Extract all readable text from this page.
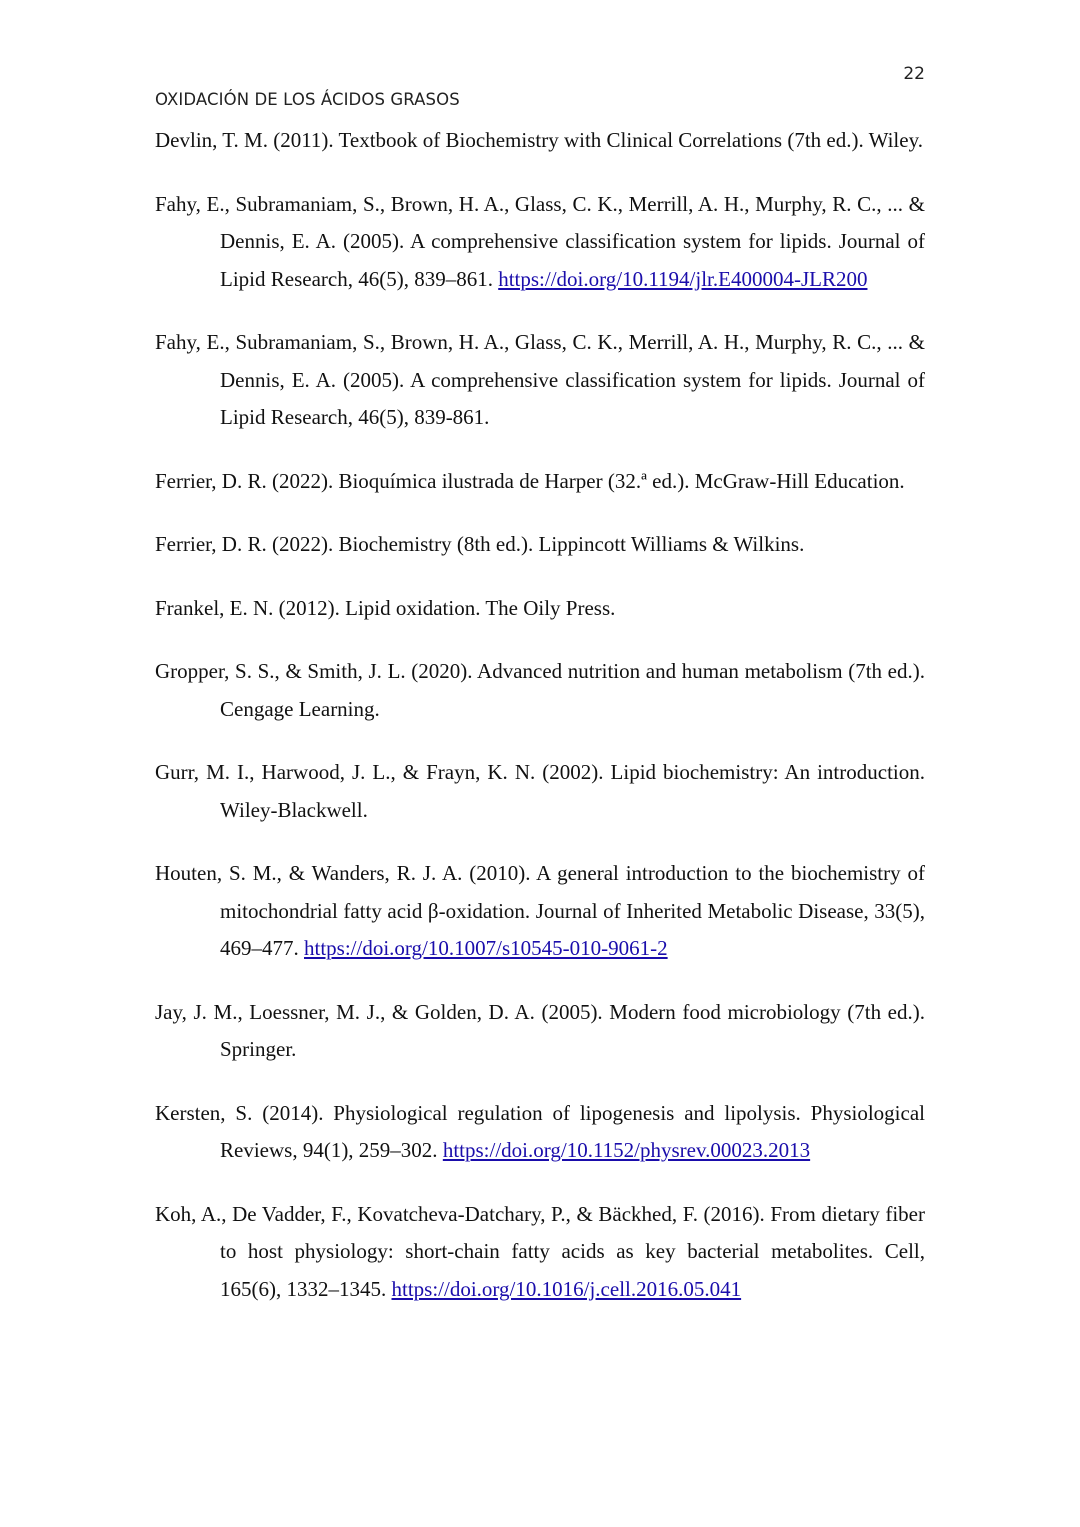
22
OXIDACIÓN DE LOS ÁCIDOS GRASOS

Devlin, T. M. (2011). Textbook of Biochemistry with Clinical Correlations (7th ed.). Wiley.

Fahy, E., Subramaniam, S., Brown, H. A., Glass, C. K., Merrill, A. H., Murphy, R. C., ... & Dennis, E. A. (2005). A comprehensive classification system for lipids. Journal of Lipid Research, 46(5), 839–861. https://doi.org/10.1194/jlr.E400004-JLR200

Fahy, E., Subramaniam, S., Brown, H. A., Glass, C. K., Merrill, A. H., Murphy, R. C., ... & Dennis, E. A. (2005). A comprehensive classification system for lipids. Journal of Lipid Research, 46(5), 839-861.

Ferrier, D. R. (2022). Bioquímica ilustrada de Harper (32.ª ed.). McGraw-Hill Education.

Ferrier, D. R. (2022). Biochemistry (8th ed.). Lippincott Williams & Wilkins.

Frankel, E. N. (2012). Lipid oxidation. The Oily Press.

Gropper, S. S., & Smith, J. L. (2020). Advanced nutrition and human metabolism (7th ed.). Cengage Learning.

Gurr, M. I., Harwood, J. L., & Frayn, K. N. (2002). Lipid biochemistry: An introduction. Wiley-Blackwell.

Houten, S. M., & Wanders, R. J. A. (2010). A general introduction to the biochemistry of mitochondrial fatty acid β-oxidation. Journal of Inherited Metabolic Disease, 33(5), 469–477. https://doi.org/10.1007/s10545-010-9061-2

Jay, J. M., Loessner, M. J., & Golden, D. A. (2005). Modern food microbiology (7th ed.). Springer.

Kersten, S. (2014). Physiological regulation of lipogenesis and lipolysis. Physiological Reviews, 94(1), 259–302. https://doi.org/10.1152/physrev.00023.2013

Koh, A., De Vadder, F., Kovatcheva-Datchary, P., & Bäckhed, F. (2016). From dietary fiber to host physiology: short-chain fatty acids as key bacterial metabolites. Cell, 165(6), 1332–1345. https://doi.org/10.1016/j.cell.2016.05.041
